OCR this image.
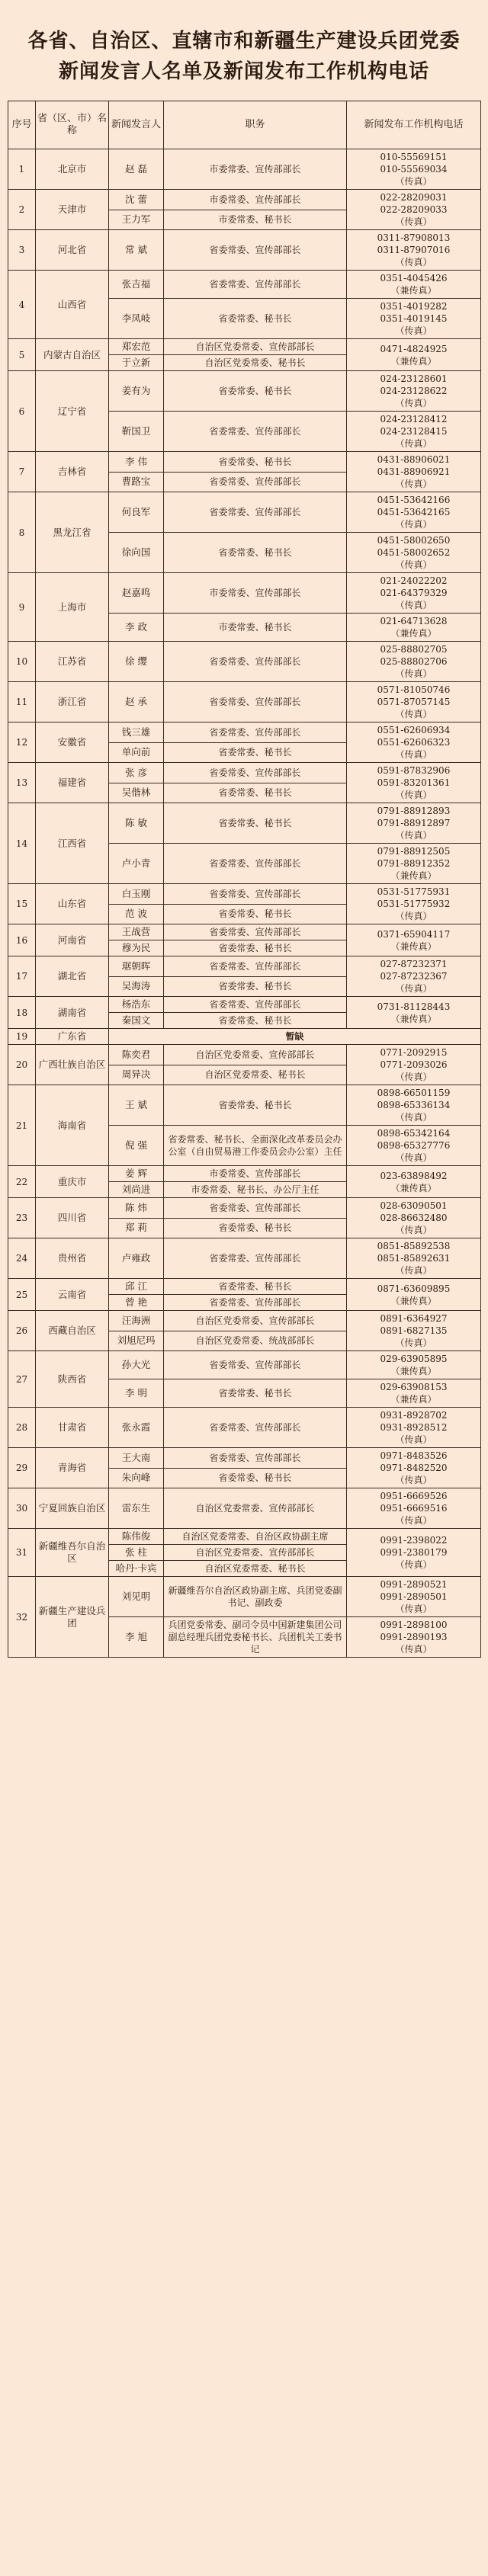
各省、自治区、直辖市和新疆生产建设兵团党委
新闻发言人名单及新闻发布工作机构电话
序号	省（区、市）名称	新闻发言人	职务	新闻发布工作机构电话
1	北京市	赵 磊	市委常委、宣传部部长	010-55569151
010-55569034
（传真）
2	天津市	沈 蕾	市委常委、宣传部部长	022-28209031
022-28209033
（传真）
		王力军	市委常委、秘书长	
3	河北省	常 斌	省委常委、宣传部部长	0311-87908013
0311-87907016
（传真）
4	山西省	张吉福	省委常委、宣传部部长	0351-4045426
（兼传真）
		李凤岐	省委常委、秘书长	0351-4019282
0351-4019145
（传真）
5	内蒙古自治区	郑宏范	自治区党委常委、宣传部部长	0471-4824925
（兼传真）
		于立新	自治区党委常委、秘书长	
6	辽宁省	姜有为	省委常委、秘书长	024-23128601
024-23128622
（传真）
		靳国卫	省委常委、宣传部部长	024-23128412
024-23128415
（传真）
7	吉林省	李 伟	省委常委、秘书长	0431-88906021
0431-88906921
（传真）
		曹路宝	省委常委、宣传部部长	
8	黑龙江省	何良军	省委常委、宣传部部长	0451-53642166
0451-53642165
（传真）
		徐向国	省委常委、秘书长	0451-58002650
0451-58002652
（传真）
9	上海市	赵嘉鸣	市委常委、宣传部部长	021-24022202
021-64379329
（传真）
		李 政	市委常委、秘书长	021-64713628
（兼传真）
10	江苏省	徐 缨	省委常委、宣传部部长	025-88802705
025-88802706
（传真）
11	浙江省	赵 承	省委常委、宣传部部长	0571-81050746
0571-87057145
（传真）
12	安徽省	钱三雄	省委常委、宣传部部长	0551-62606934
0551-62606323
（传真）
		单向前	省委常委、秘书长	
13	福建省	张 彦	省委常委、宣传部部长	0591-87832906
0591-83201361
（传真）
		吴偕林	省委常委、秘书长	
14	江西省	陈 敏	省委常委、秘书长	0791-88912893
0791-88912897
（传真）
		卢小青	省委常委、宣传部部长	0791-88912505
0791-88912352
（兼传真）
15	山东省	白玉刚	省委常委、宣传部部长	0531-51775931
0531-51775932
（传真）
		范 波	省委常委、秘书长	
16	河南省	王战营	省委常委、宣传部部长	0371-65904117
（兼传真）
		穆为民	省委常委、秘书长	
17	湖北省	琚朝晖	省委常委、宣传部部长	027-87232371
027-87232367
（传真）
		吴海涛	省委常委、秘书长	
18	湖南省	杨浩东	省委常委、宣传部部长	0731-81128443
（兼传真）
		秦国文	省委常委、秘书长	
19	广东省	暂缺		
20	广西壮族自治区	陈奕君	自治区党委常委、宣传部部长	0771-2092915
0771-2093026
（传真）
		周异决	自治区党委常委、秘书长	
21	海南省	王 斌	省委常委、秘书长	0898-66501159
0898-65336134
（传真）
		倪 强	省委常委、秘书长、全面深化改革委员会办公室（自由贸易港工作委员会办公室）主任	0898-65342164
0898-65327776
（传真）
22	重庆市	姜 辉	市委常委、宣传部部长	023-63898492
（兼传真）
		刘尚进	市委常委、秘书长、办公厅主任	
23	四川省	陈 炜	省委常委、宣传部部长	028-63090501
028-86632480
（传真）
		郑 莉	省委常委、秘书长	
24	贵州省	卢雍政	省委常委、宣传部部长	0851-85892538
0851-85892631
（传真）
25	云南省	邱 江	省委常委、秘书长	0871-63609895
（兼传真）
		曾 艳	省委常委、宣传部部长	
26	西藏自治区	汪海洲	自治区党委常委、宣传部部长	0891-6364927
0891-6827135
（传真）
		刘旭尼玛	自治区党委常委、统战部部长	
27	陕西省	孙大光	省委常委、宣传部部长	029-63905895
（兼传真）
		李 明	省委常委、秘书长	029-63908153
（兼传真）
28	甘肃省	张永霞	省委常委、宣传部部长	0931-8928702
0931-8928512
（传真）
29	青海省	王大南	省委常委、宣传部部长	0971-8483526
0971-8482520
（传真）
		朱向峰	省委常委、秘书长	
30	宁夏回族自治区	雷东生	自治区党委常委、宣传部部长	0951-6669526
0951-6669516
（传真）
31	新疆维吾尔自治区	陈伟俊	自治区党委常委、自治区政协副主席	0991-2398022
0991-2380179
（传真）
		张 柱	自治区党委常委、宣传部部长	
		哈丹·卡宾	自治区党委常委、秘书长	
32	新疆生产建设兵团	刘见明	新疆维吾尔自治区政协副主席、兵团党委副书记、副政委	0991-2890521
0991-2890501
（传真）
		李 旭	兵团党委常委、副司令员中国新建集团公司副总经理兵团党委秘书长、兵团机关工委书记	0991-2898100
0991-2890193
（传真）
